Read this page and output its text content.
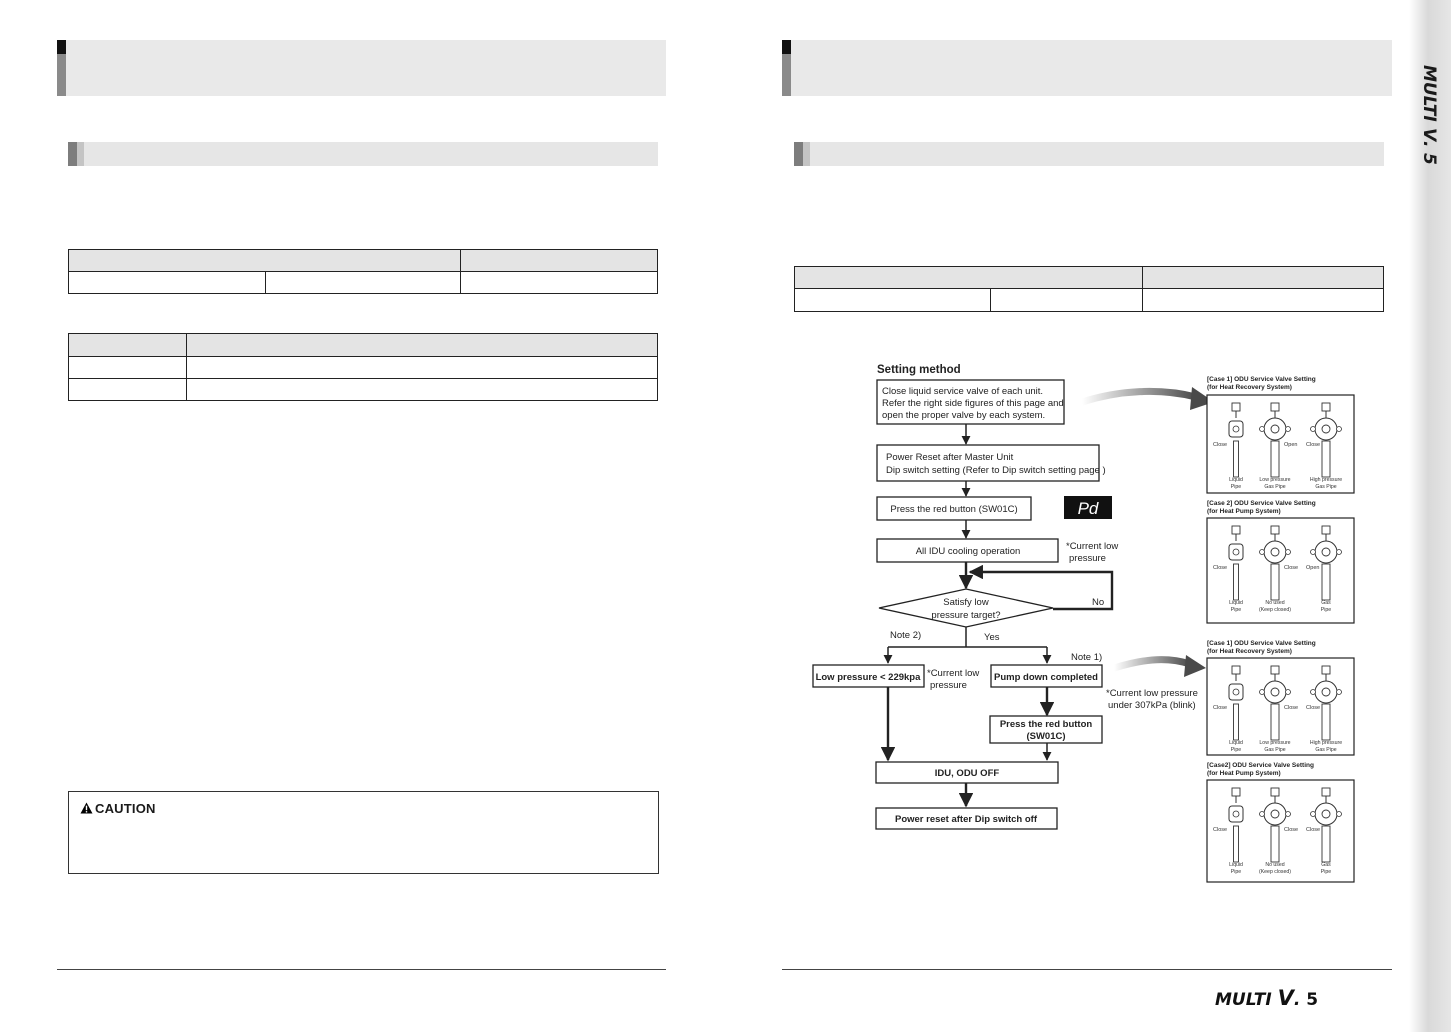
CAUTION

Setting method
Close liquid service valve of each unit.
Refer the right side figures of this page and
open the proper valve by each system.
Power Reset after Master Unit
Dip switch setting (Refer to Dip switch setting page )
Press the red button (SW01C)	Pd
All IDU cooling operation	*Current low
pressure
Satisfy low
pressure target?
No
Note 2)	Yes
Note 1)
Low pressure < 229kpa *Current low
pressure
Pump down completed
*Current low pressure
under 307kPa (blink)
Press the red button
(SW01C)
IDU, ODU OFF
Power reset after Dip switch off
[Case 1] ODU Service Valve Setting
(for Heat Recovery System)
Close
Liquid
Pipe
Open
Low pressure
Gas Pipe
Close
High pressure
Gas Pipe
[Case 2] ODU Service Valve Setting
(for Heat Pump System)
Close
Liquid
Pipe
Close
No used
(Keep closed)
Open
Gas
Pipe
[Case 1] ODU Service Valve Setting
(for Heat Recovery System)
Close
Liquid
Pipe
Close
Low pressure
Gas Pipe
Close
High pressure
Gas Pipe
[Case2] ODU Service Valve Setting
(for Heat Pump System)
Close
Liquid
Pipe
Close
No used
(Keep closed)
Close
Gas
Pipe
MULTI V. 5
MULTI

V
.
5
